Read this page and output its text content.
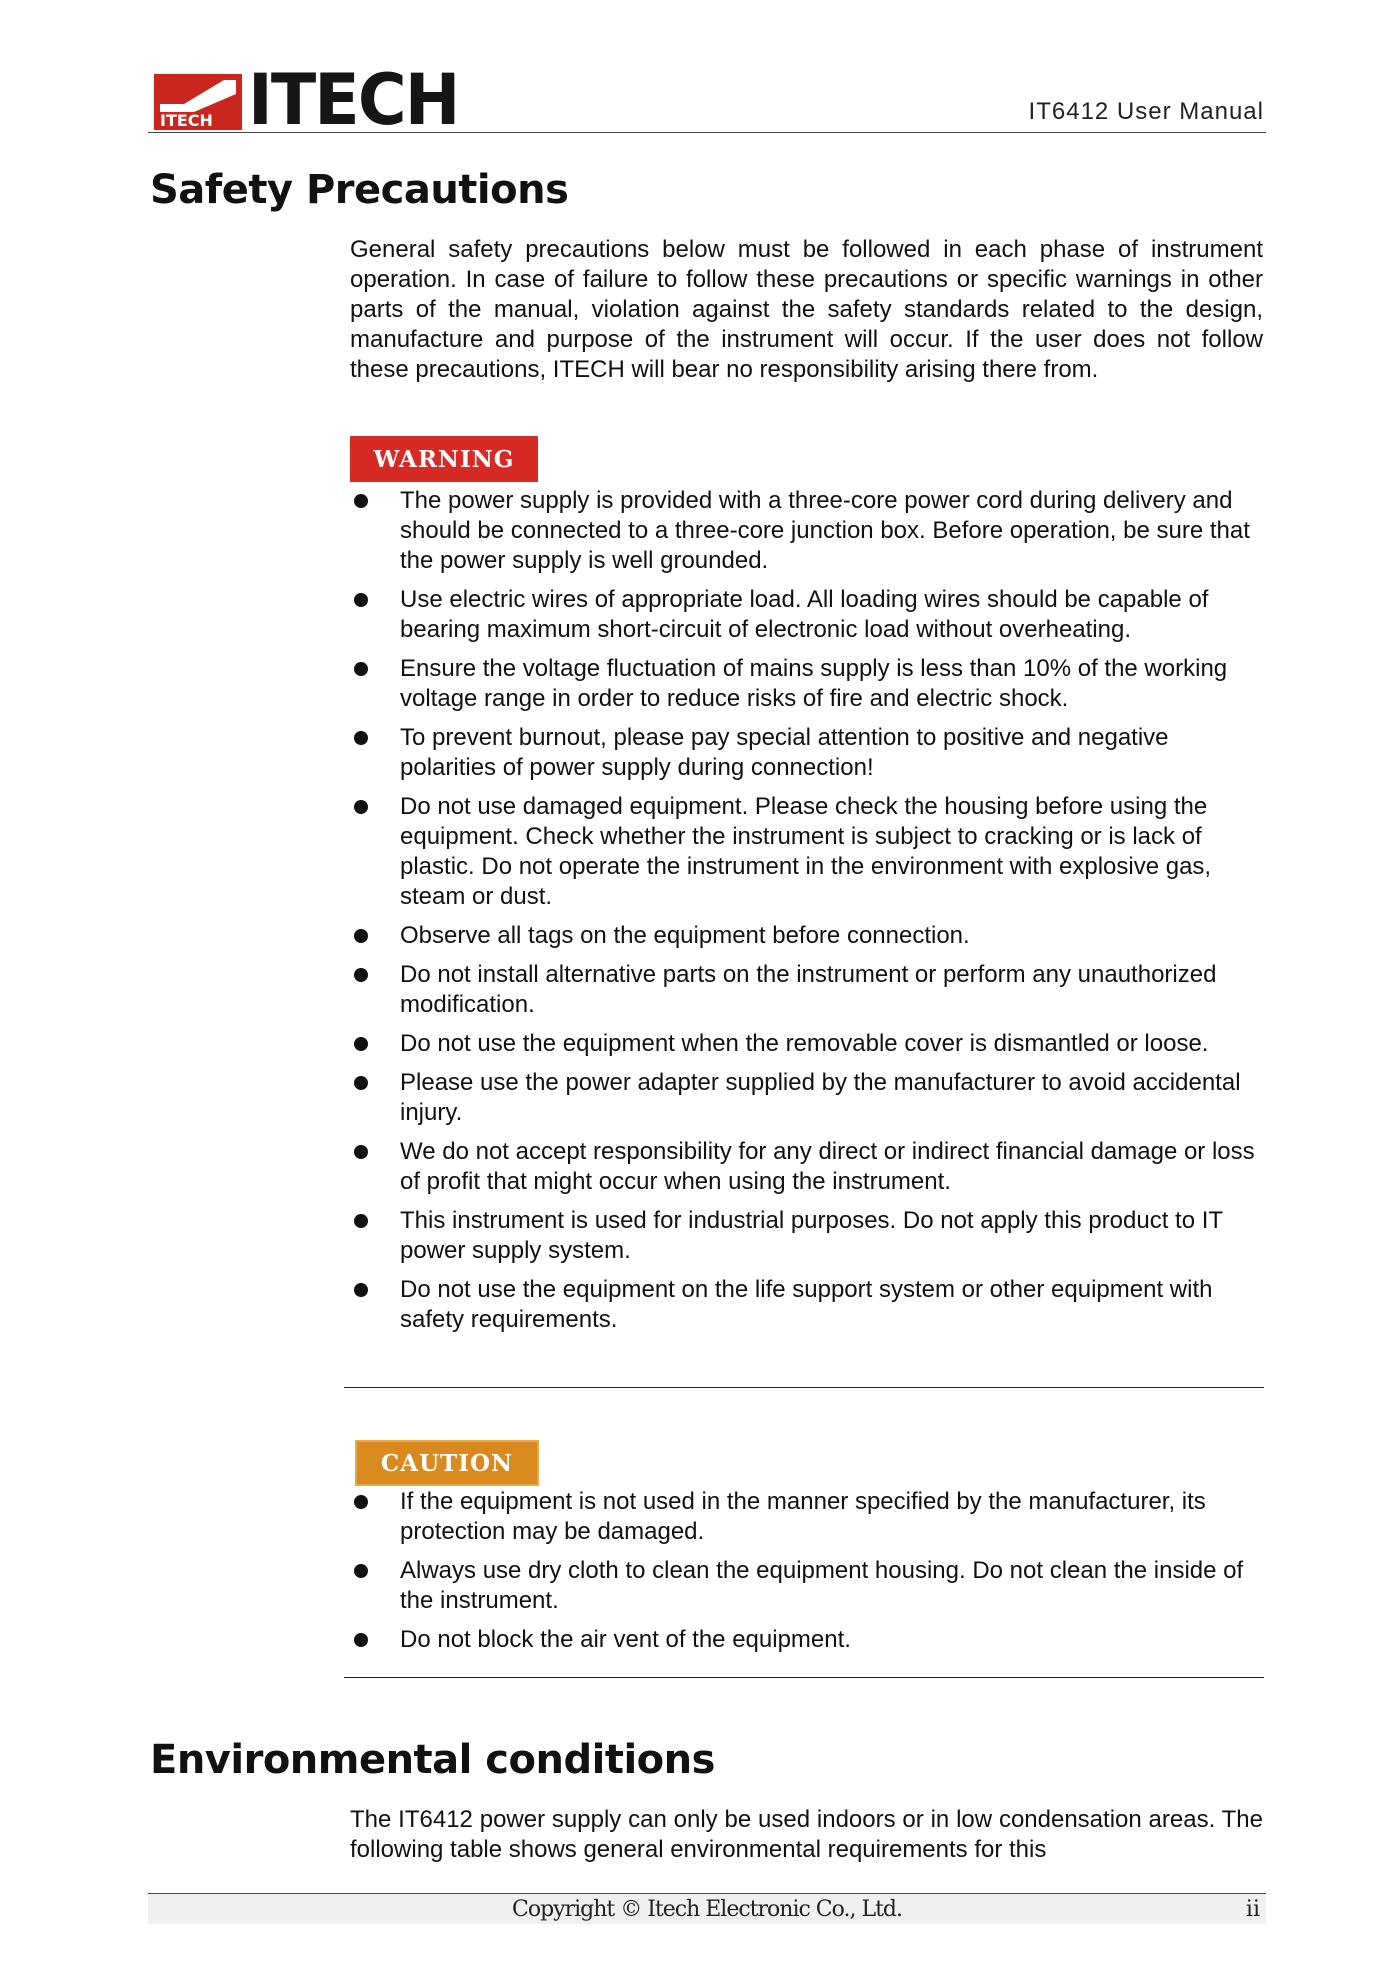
ITECH ITECH	IT6412 User Manual
Safety Precautions

General safety precautions below must be followed in each phase of instrument operation. In case of failure to follow these precautions or specific warnings in other parts of the manual, violation against the safety standards related to the design, manufacture and purpose of the instrument will occur. If the user does not follow these precautions, ITECH will bear no responsibility arising there from.

WARNING
The power supply is provided with a three-core power cord during delivery and should be connected to a three-core junction box. Before operation, be sure that the power supply is well grounded.
Use electric wires of appropriate load. All loading wires should be capable of bearing maximum short-circuit of electronic load without overheating.
Ensure the voltage fluctuation of mains supply is less than 10% of the working voltage range in order to reduce risks of fire and electric shock.
To prevent burnout, please pay special attention to positive and negative polarities of power supply during connection!
Do not use damaged equipment. Please check the housing before using the equipment. Check whether the instrument is subject to cracking or is lack of plastic. Do not operate the instrument in the environment with explosive gas, steam or dust.
Observe all tags on the equipment before connection.
Do not install alternative parts on the instrument or perform any unauthorized modification.
Do not use the equipment when the removable cover is dismantled or loose.
Please use the power adapter supplied by the manufacturer to avoid accidental injury.
We do not accept responsibility for any direct or indirect financial damage or loss of profit that might occur when using the instrument.
This instrument is used for industrial purposes. Do not apply this product to IT power supply system.
Do not use the equipment on the life support system or other equipment with safety requirements.
CAUTION
If the equipment is not used in the manner specified by the manufacturer, its protection may be damaged.
Always use dry cloth to clean the equipment housing. Do not clean the inside of the instrument.
Do not block the air vent of the equipment.
Environmental conditions

The IT6412 power supply can only be used indoors or in low condensation areas. The following table shows general environmental requirements for this

Copyright © Itech Electronic Co., Ltd.	ii
